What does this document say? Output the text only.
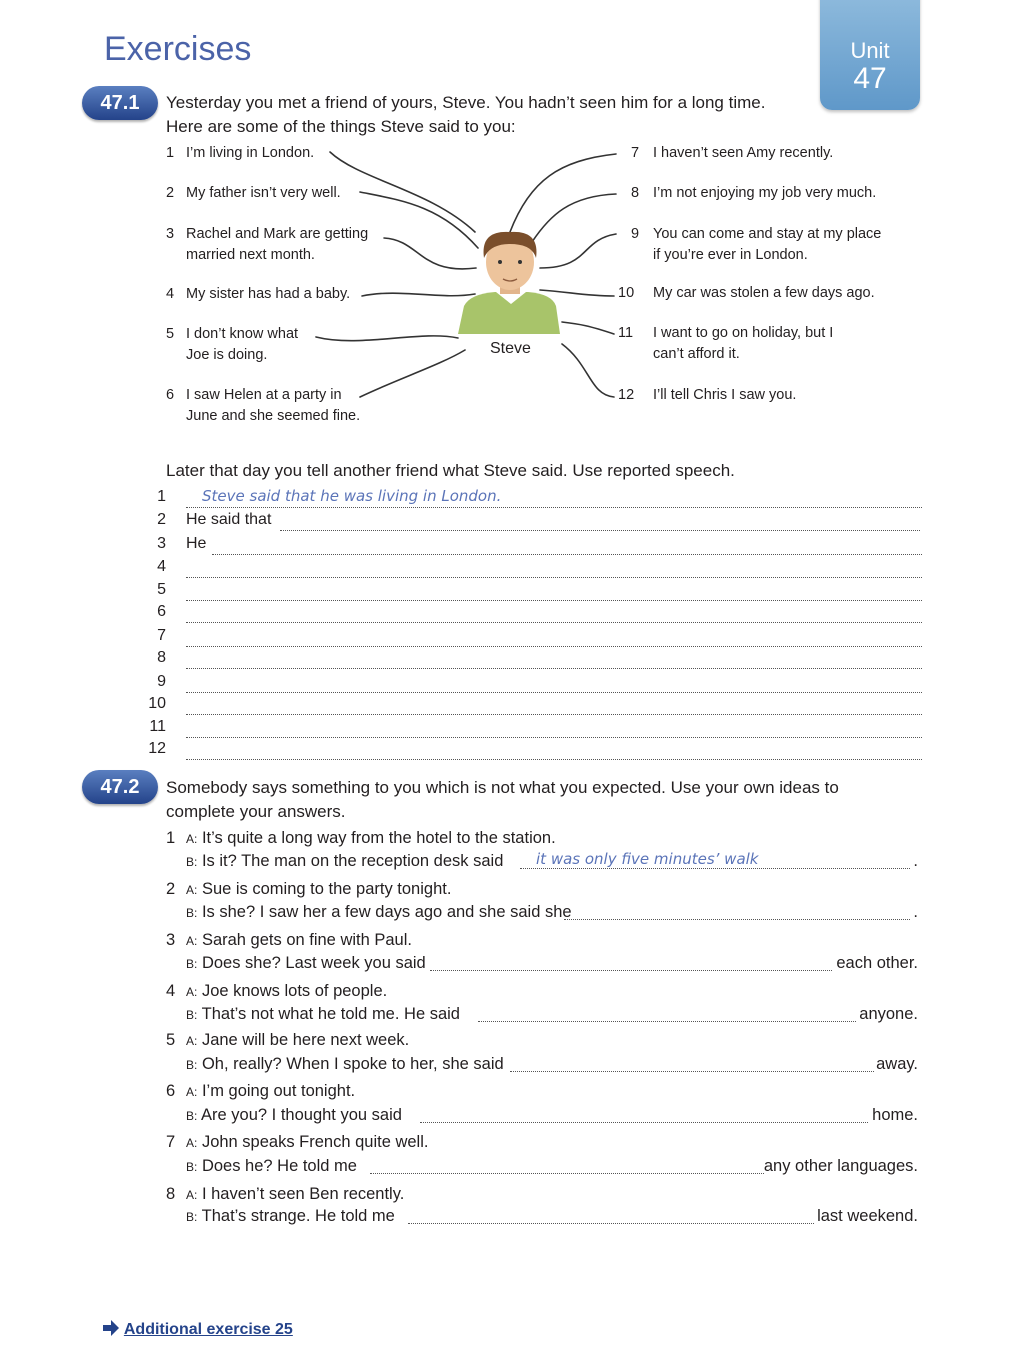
Exercises	Unit
47
47.1	Yesterday you met a friend of yours, Steve. You hadn’t seen him for a long time.
Here are some of the things Steve said to you:
Steve
1 I’m living in London.
2 My father isn’t very well.
3 Rachel and Mark are getting
married next month.
4 My sister has had a baby.
5 I don’t know what
Joe is doing.
6 I saw Helen at a party in
June and she seemed fine.
7 I haven’t seen Amy recently.
8 I’m not enjoying my job very much.
9 You can come and stay at my place
if you’re ever in London.
10	My car was stolen a few days ago.
11	I want to go on holiday, but I
can’t afford it.
12	I’ll tell Chris I saw you.
Later that day you tell another friend what Steve said. Use reported speech.
1 Steve said that he was living in London.
2 He said that
3 He
4
5
6
7
8
9
10
11
12
47.2	Somebody says something to you which is not what you expected. Use your own ideas to
complete your answers.
1 A: It’s quite a long way from the hotel to the station.
B: Is it? The man on the reception desk said it was only five minutes’ walk	.
2 A: Sue is coming to the party tonight.
B: Is she? I saw her a few days ago and she said she	.
3 A: Sarah gets on fine with Paul.
B: Does she? Last week you said	each other.
4 A: Joe knows lots of people.
B: That’s not what he told me. He said	anyone.
5 A: Jane will be here next week.
B: Oh, really? When I spoke to her, she said	away.
6 A: I’m going out tonight.
B: Are you? I thought you said	home.
7 A: John speaks French quite well.
B: Does he? He told me	any other languages.
8 A: I haven’t seen Ben recently.
B: That’s strange. He told me	last weekend.
Additional exercise 25
